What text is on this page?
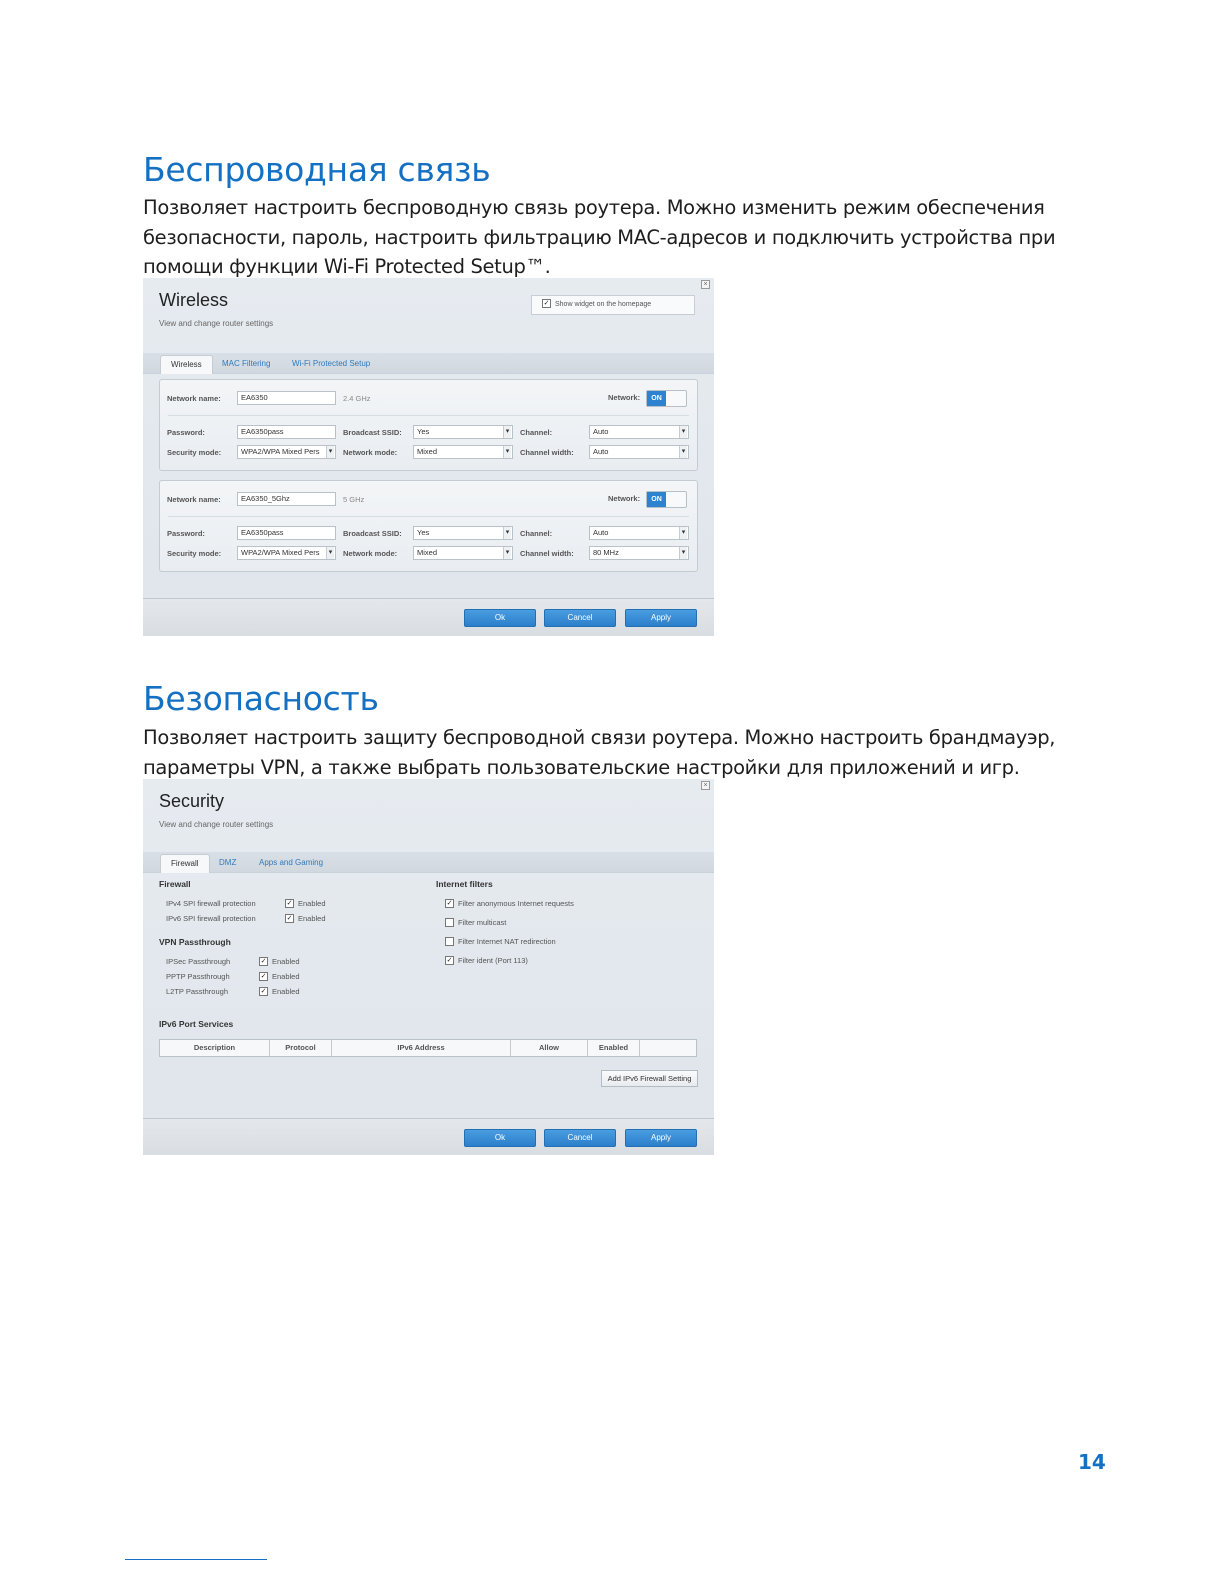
Беспроводная связь

Позволяет настроить беспроводную связь роутера. Можно изменить режим обеспечения безопасности, пароль, настроить фильтрацию MAC-адресов и подключить устройства при помощи функции Wi-Fi Protected Setup™.

×
Wireless
View and change router settings
✓ Show widget on the homepage
Wireless	MAC Filtering	Wi-Fi Protected Setup
Network name:	EA6350	2.4 GHz	Network:	ON
Password:	EA6350pass	Broadcast SSID:	Yes ▾	Channel:	Auto ▾
Security mode:	WPA2/WPA Mixed Pers ▾	Network mode:	Mixed ▾	Channel width:	Auto ▾
Network name:	EA6350_5Ghz	5 GHz	Network:	ON
Password:	EA6350pass	Broadcast SSID:	Yes ▾	Channel:	Auto ▾
Security mode:	WPA2/WPA Mixed Pers ▾	Network mode:	Mixed ▾	Channel width:	80 MHz ▾
Ok	Cancel	Apply
Безопасность

Позволяет настроить защиту беспроводной связи роутера. Можно настроить брандмауэр, параметры VPN, а также выбрать пользовательские настройки для приложений и игр.

×
Security
View and change router settings
Firewall	DMZ	Apps and Gaming
Firewall
IPv4 SPI firewall protection	✓ Enabled
IPv6 SPI firewall protection	✓ Enabled
VPN Passthrough
IPSec Passthrough	✓ Enabled
PPTP Passthrough	✓ Enabled
L2TP Passthrough	✓ Enabled
Internet filters
✓ Filter anonymous Internet requests
Filter multicast
Filter Internet NAT redirection
✓ Filter ident (Port 113)
IPv6 Port Services
Description	Protocol	IPv6 Address	Allow	Enabled
Add IPv6 Firewall Setting
Ok	Cancel	Apply
14
